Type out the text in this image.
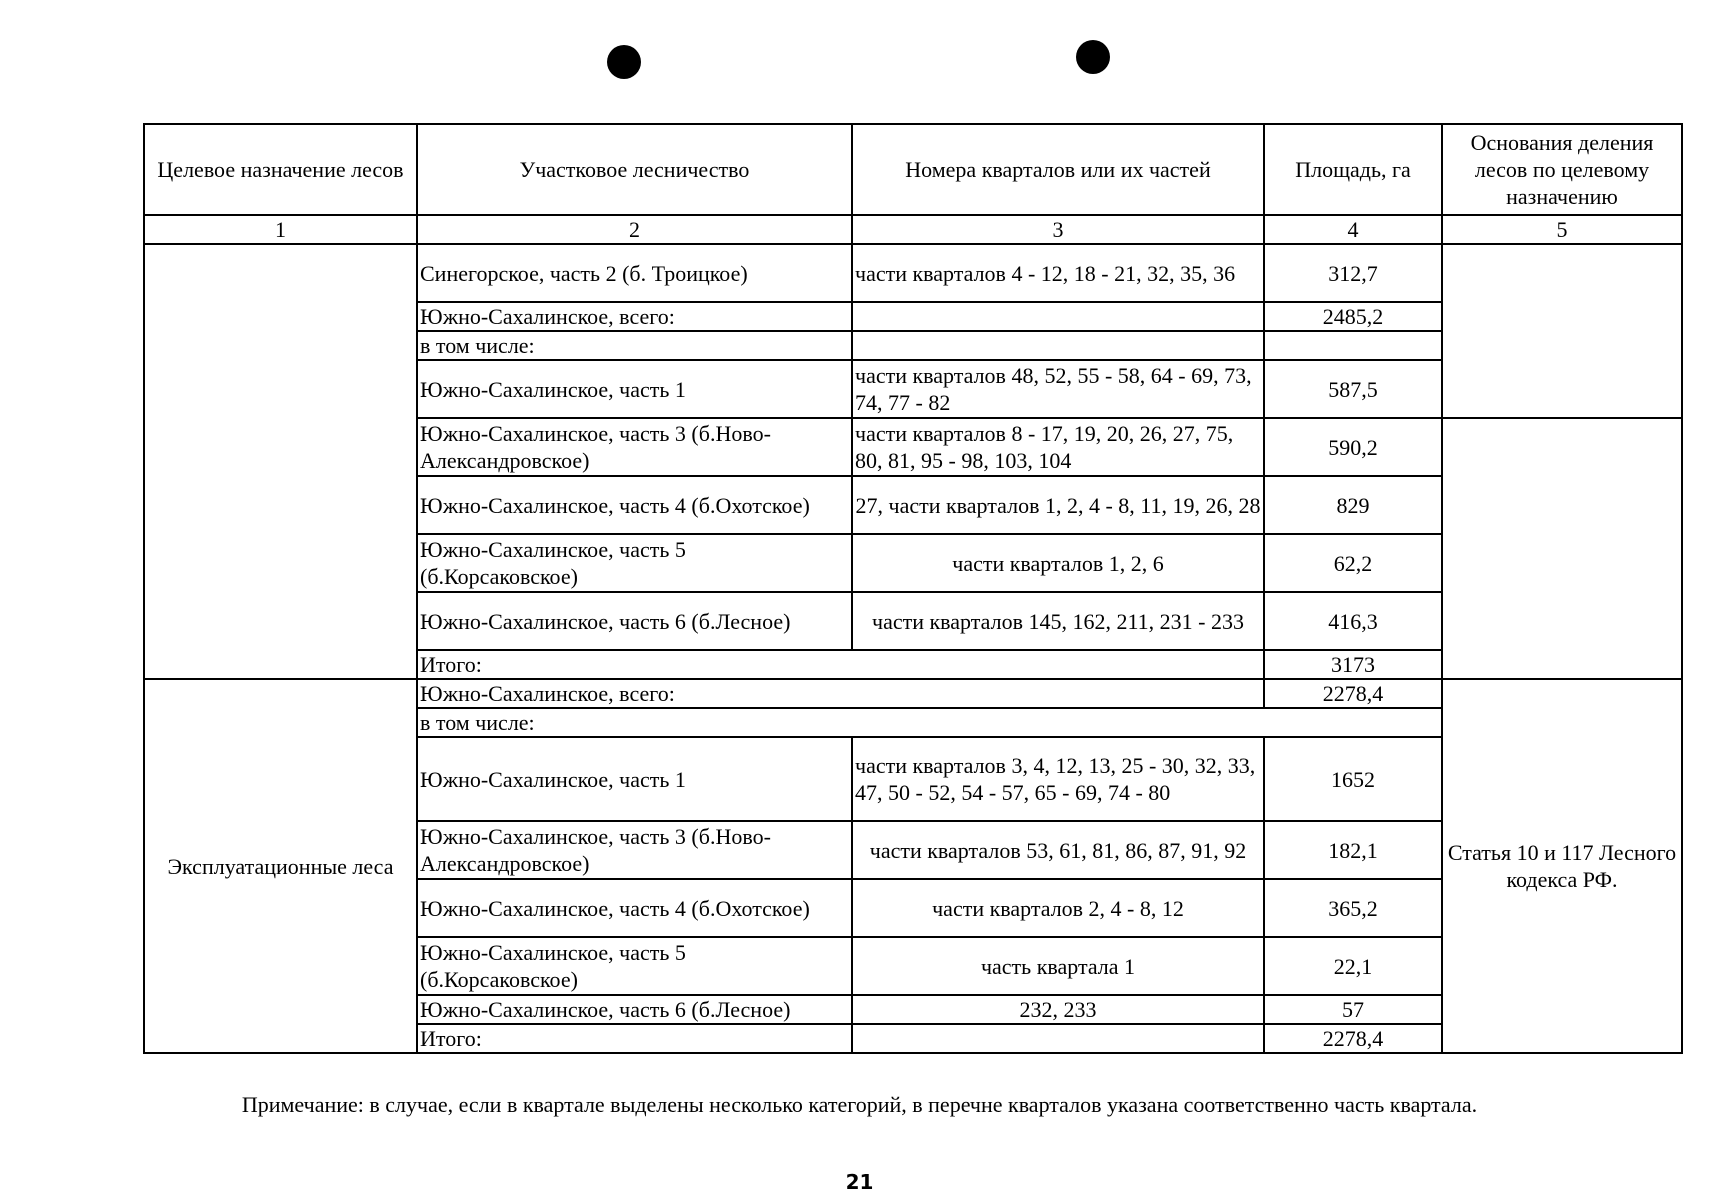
Целевое назначение лесов	Участковое лесничество	Номера кварталов или их частей	Площадь, га	Основания деления лесов по целевому назначению
1	2	3	4	5
	Синегорское, часть 2 (б. Троицкое)	части кварталов 4 - 12, 18 - 21, 32, 35, 36	312,7	
	Южно-Сахалинское, всего:		2485,2	
	в том числе:			
	Южно-Сахалинское, часть 1	части кварталов 48, 52, 55 - 58, 64 - 69, 73, 74, 77 - 82	587,5	
	Южно-Сахалинское, часть 3 (б.Ново-Александровское)	части кварталов 8 - 17, 19, 20, 26, 27, 75, 80, 81, 95 - 98, 103, 104	590,2	
	Южно-Сахалинское, часть 4 (б.Охотское)	27, части кварталов 1, 2, 4 - 8, 11, 19, 26, 28	829	
	Южно-Сахалинское, часть 5 (б.Корсаковское)	части кварталов 1, 2, 6	62,2	
	Южно-Сахалинское, часть 6 (б.Лесное)	части кварталов 145, 162, 211, 231 - 233	416,3	
	Итого:		3173	
Эксплуатационные леса	Южно-Сахалинское, всего:		2278,4	Статья 10 и 117 Лесного кодекса РФ.
	в том числе:			
	Южно-Сахалинское, часть 1	части кварталов 3, 4, 12, 13, 25 - 30, 32, 33, 47, 50 - 52, 54 - 57, 65 - 69, 74 - 80	1652	
	Южно-Сахалинское, часть 3 (б.Ново-Александровское)	части кварталов 53, 61, 81, 86, 87, 91, 92	182,1	
	Южно-Сахалинское, часть 4 (б.Охотское)	части кварталов 2, 4 - 8, 12	365,2	
	Южно-Сахалинское, часть 5 (б.Корсаковское)	часть квартала 1	22,1	
	Южно-Сахалинское, часть 6 (б.Лесное)	232, 233	57	
	Итого:		2278,4	
Примечание: в случае, если в квартале выделены несколько категорий, в перечне кварталов указана соответственно часть квартала.
21
